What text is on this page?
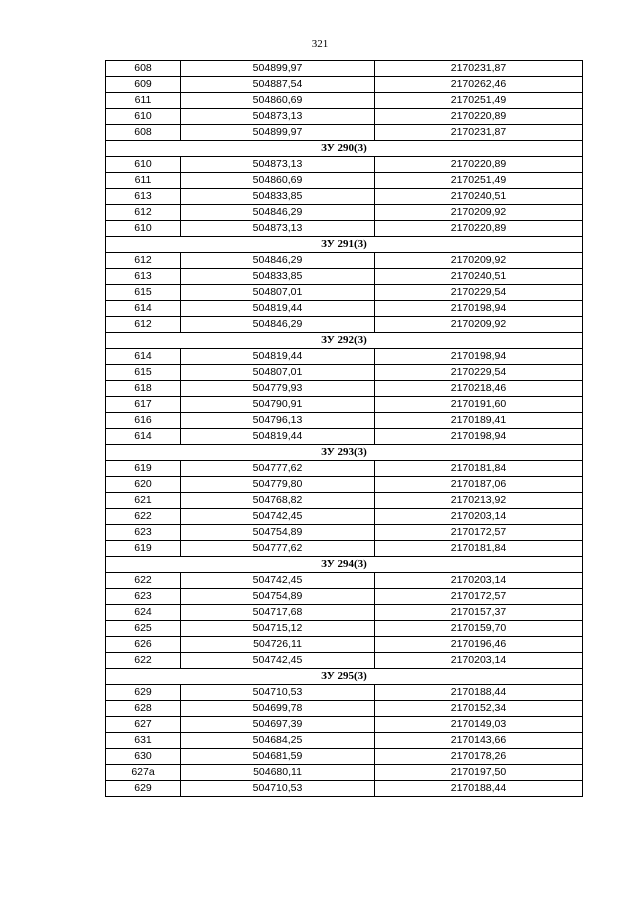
321
608	504899,97	2170231,87
609	504887,54	2170262,46
611	504860,69	2170251,49
610	504873,13	2170220,89
608	504899,97	2170231,87
ЗУ 290(3)		
610	504873,13	2170220,89
611	504860,69	2170251,49
613	504833,85	2170240,51
612	504846,29	2170209,92
610	504873,13	2170220,89
ЗУ 291(3)		
612	504846,29	2170209,92
613	504833,85	2170240,51
615	504807,01	2170229,54
614	504819,44	2170198,94
612	504846,29	2170209,92
ЗУ 292(3)		
614	504819,44	2170198,94
615	504807,01	2170229,54
618	504779,93	2170218,46
617	504790,91	2170191,60
616	504796,13	2170189,41
614	504819,44	2170198,94
ЗУ 293(3)		
619	504777,62	2170181,84
620	504779,80	2170187,06
621	504768,82	2170213,92
622	504742,45	2170203,14
623	504754,89	2170172,57
619	504777,62	2170181,84
ЗУ 294(3)		
622	504742,45	2170203,14
623	504754,89	2170172,57
624	504717,68	2170157,37
625	504715,12	2170159,70
626	504726,11	2170196,46
622	504742,45	2170203,14
ЗУ 295(3)		
629	504710,53	2170188,44
628	504699,78	2170152,34
627	504697,39	2170149,03
631	504684,25	2170143,66
630	504681,59	2170178,26
627a	504680,11	2170197,50
629	504710,53	2170188,44
